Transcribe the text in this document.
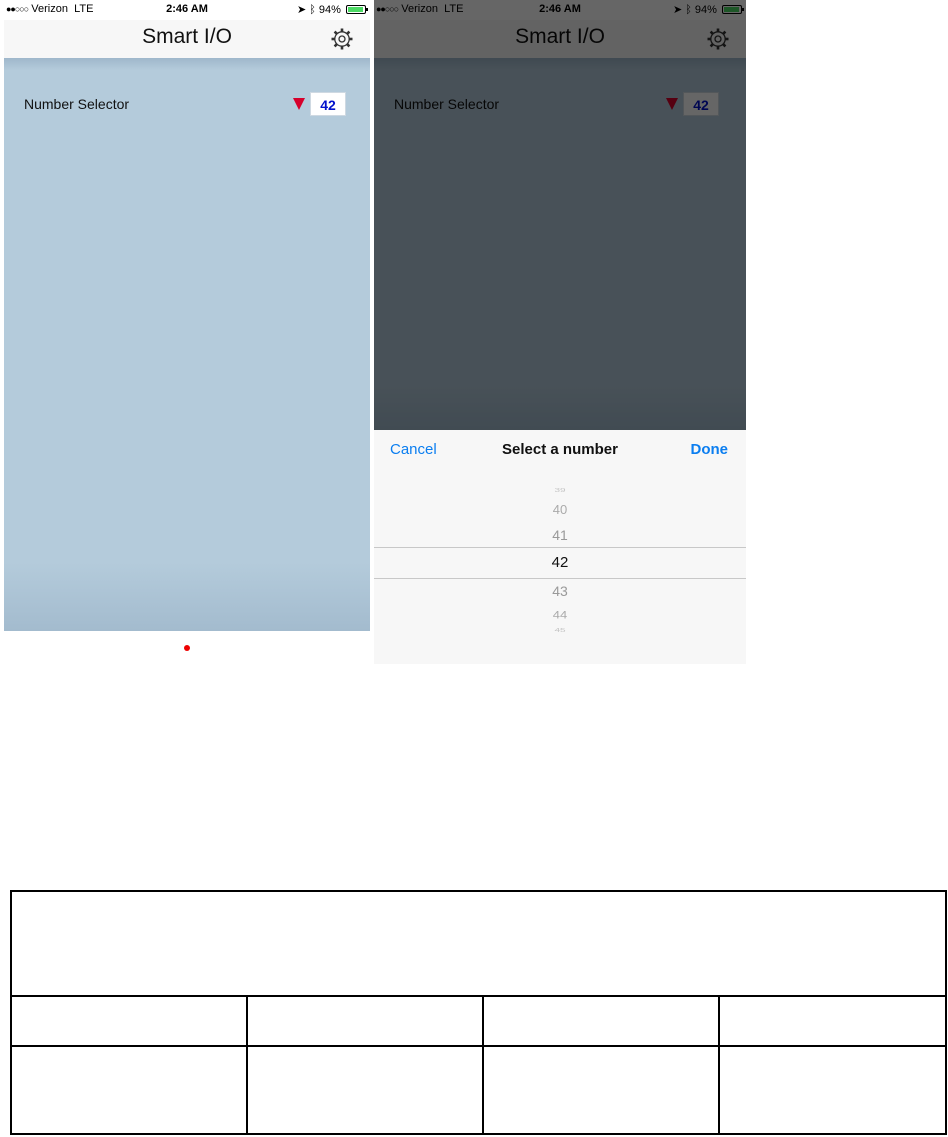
●●○○○ Verizon LTE	2:46 AM	➤ ᛒ 94%
Smart I/O
Number Selector	42

Cancel	Select a number	Done
39
40
41
42
43
44
45
